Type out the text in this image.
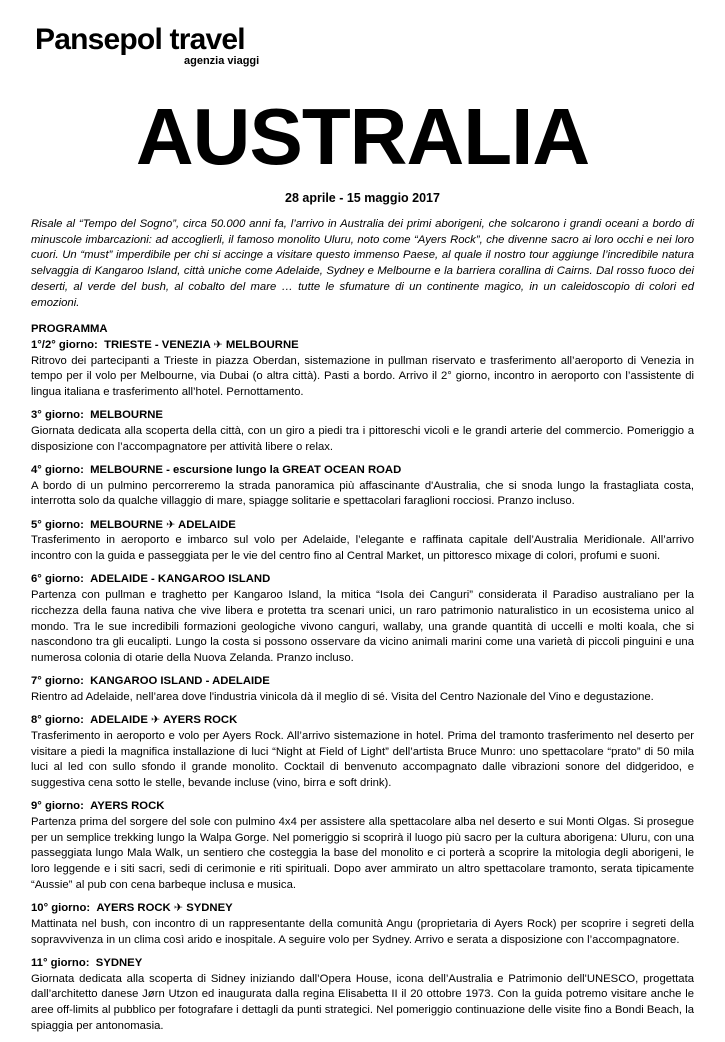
Pansepol travel
agenzia viaggi
AUSTRALIA
28 aprile - 15 maggio 2017

Risale al “Tempo del Sogno”, circa 50.000 anni fa, l’arrivo in Australia dei primi aborigeni, che solcarono i grandi oceani a bordo di minuscole imbarcazioni: ad accoglierli, il famoso monolito Uluru, noto come “Ayers Rock”, che divenne sacro ai loro occhi e nei loro cuori. Un “must” imperdibile per chi si accinge a visitare questo immenso Paese, al quale il nostro tour aggiunge l’incredibile natura selvaggia di Kangaroo Island, città uniche come Adelaide, Sydney e Melbourne e la barriera corallina di Cairns. Dal rosso fuoco dei deserti, al verde del bush, al cobalto del mare … tutte le sfumature di un continente magico, in un caleidoscopio di colori ed emozioni.

PROGRAMMA
1°/2° giorno: TRIESTE - VENEZIA ✈ MELBOURNE

Ritrovo dei partecipanti a Trieste in piazza Oberdan, sistemazione in pullman riservato e trasferimento all’aeroporto di Venezia in tempo per il volo per Melbourne, via Dubai (o altra città). Pasti a bordo. Arrivo il 2° giorno, incontro in aeroporto con l’assistente di lingua italiana e trasferimento all’hotel. Pernottamento.

3° giorno: MELBOURNE

Giornata dedicata alla scoperta della città, con un giro a piedi tra i pittoreschi vicoli e le grandi arterie del commercio. Pomeriggio a disposizione con l’accompagnatore per attività libere o relax.

4° giorno: MELBOURNE - escursione lungo la GREAT OCEAN ROAD

A bordo di un pulmino percorreremo la strada panoramica più affascinante d'Australia, che si snoda lungo la frastagliata costa, interrotta solo da qualche villaggio di mare, spiagge solitarie e spettacolari faraglioni rocciosi. Pranzo incluso.

5° giorno: MELBOURNE ✈ ADELAIDE

Trasferimento in aeroporto e imbarco sul volo per Adelaide, l’elegante e raffinata capitale dell’Australia Meridionale. All’arrivo incontro con la guida e passeggiata per le vie del centro fino al Central Market, un pittoresco mixage di colori, profumi e suoni.

6° giorno: ADELAIDE - KANGAROO ISLAND

Partenza con pullman e traghetto per Kangaroo Island, la mitica “Isola dei Canguri” considerata il Paradiso australiano per la ricchezza della fauna nativa che vive libera e protetta tra scenari unici, un raro patrimonio naturalistico in un ecosistema unico al mondo. Tra le sue incredibili formazioni geologiche vivono canguri, wallaby, una grande quantità di uccelli e molti koala, che si nascondono tra gli eucalipti. Lungo la costa si possono osservare da vicino animali marini come una varietà di piccoli pinguini e una numerosa colonia di otarie della Nuova Zelanda. Pranzo incluso.

7° giorno: KANGAROO ISLAND - ADELAIDE

Rientro ad Adelaide, nell’area dove l'industria vinicola dà il meglio di sé. Visita del Centro Nazionale del Vino e degustazione.

8° giorno: ADELAIDE ✈ AYERS ROCK

Trasferimento in aeroporto e volo per Ayers Rock. All’arrivo sistemazione in hotel. Prima del tramonto trasferimento nel deserto per visitare a piedi la magnifica installazione di luci “Night at Field of Light” dell’artista Bruce Munro: uno spettacolare “prato” di 50 mila luci al led con sullo sfondo il grande monolito. Cocktail di benvenuto accompagnato dalle vibrazioni sonore del didgeridoo, e suggestiva cena sotto le stelle, bevande incluse (vino, birra e soft drink).

9° giorno: AYERS ROCK

Partenza prima del sorgere del sole con pulmino 4x4 per assistere alla spettacolare alba nel deserto e sui Monti Olgas. Si prosegue per un semplice trekking lungo la Walpa Gorge. Nel pomeriggio si scoprirà il luogo più sacro per la cultura aborigena: Uluru, con una passeggiata lungo Mala Walk, un sentiero che costeggia la base del monolito e ci porterà a scoprire la mitologia degli aborigeni, le loro leggende e i siti sacri, sedi di cerimonie e riti spirituali. Dopo aver ammirato un altro spettacolare tramonto, serata tipicamente “Aussie” al pub con cena barbeque inclusa e musica.

10° giorno: AYERS ROCK ✈ SYDNEY

Mattinata nel bush, con incontro di un rappresentante della comunità Angu (proprietaria di Ayers Rock) per scoprire i segreti della sopravvivenza in un clima così arido e inospitale. A seguire volo per Sydney. Arrivo e serata a disposizione con l’accompagnatore.

11° giorno: SYDNEY

Giornata dedicata alla scoperta di Sidney iniziando dall’Opera House, icona dell’Australia e Patrimonio dell'UNESCO, progettata dall’architetto danese Jørn Utzon ed inaugurata dalla regina Elisabetta II il 20 ottobre 1973. Con la guida potremo visitare anche le aree off-limits al pubblico per fotografare i dettagli da punti strategici. Nel pomeriggio continuazione delle visite fino a Bondi Beach, la spiaggia per antonomasia.
